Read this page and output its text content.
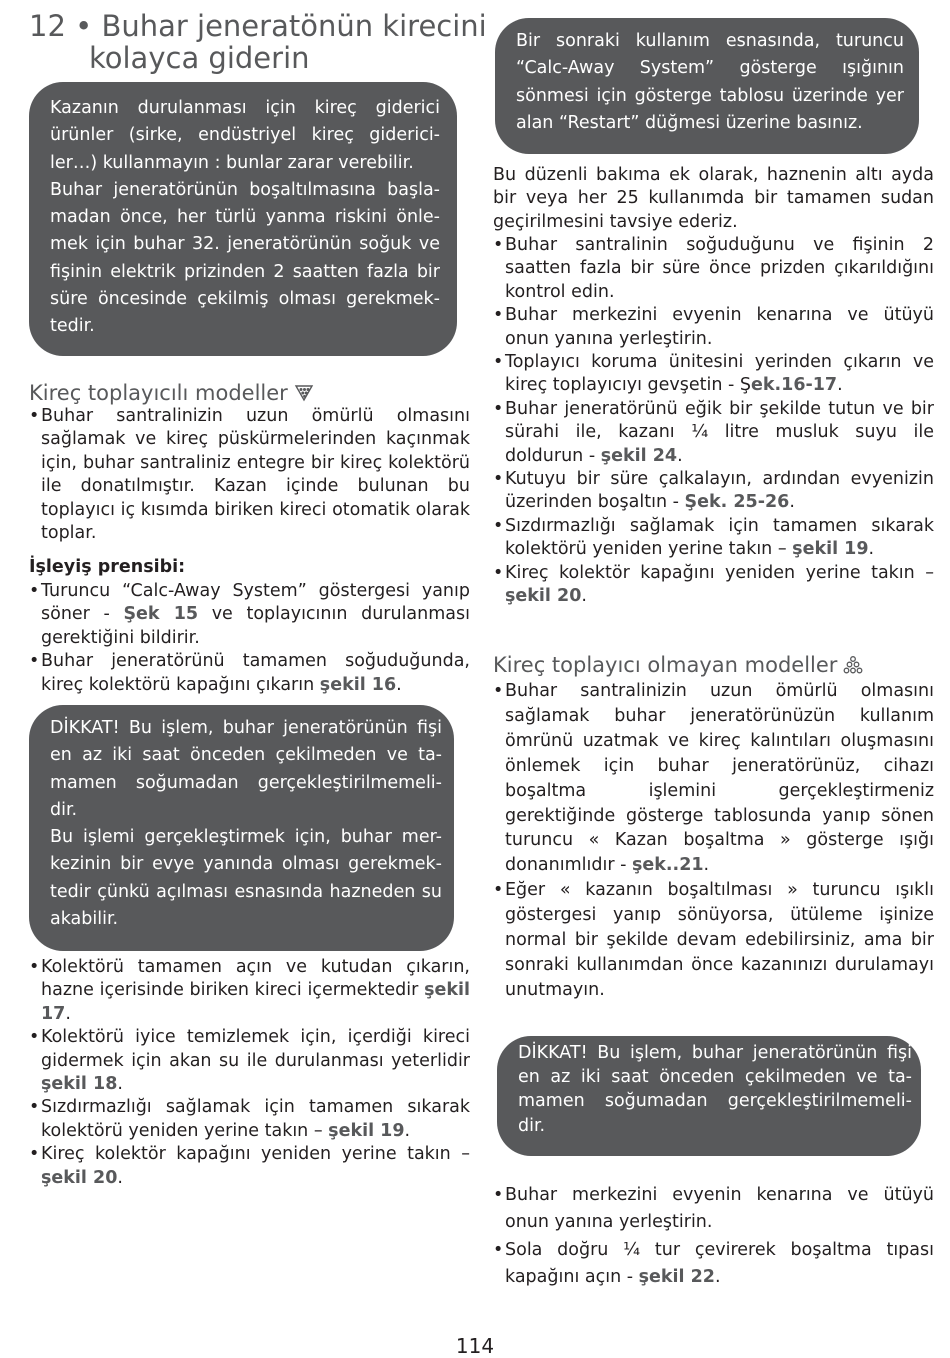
12 • Buhar jeneratönün kirecini
kolayca giderin

Kazanın durulanması için kireç giderici ürünler (sirke, endüstriyel kireç giderici- ler…) kullanmayın : bunlar zarar verebilir.

Buhar jeneratörünün boşaltılmasına başla- madan önce, her türlü yanma riskini önle- mek için buhar 32. jeneratörünün soğuk ve fişinin elektrik prizinden 2 saatten fazla bir süre öncesinde çekilmiş olması gerekmek- tedir.

Kireç toplayıcılı modeller
• Buhar santralinizin uzun ömürlü olmasını sağlamak ve kireç püskürmelerinden kaçınmak için, buhar santraliniz entegre bir kireç kolektörü ile donatılmıştır. Kazan içinde bulunan bu toplayıcı iç kısımda biriken kireci otomatik olarak toplar.
İşleyiş prensibi:
• Turuncu “Calc-Away System” göstergesi yanıp söner - Şek 15 ve toplayıcının durulanması gerektiğini bildirir.
• Buhar jeneratörünü tamamen soğuduğunda, kireç kolektörü kapağını çıkarın şekil 16.

DİKKAT! Bu işlem, buhar jeneratörünün fişi en az iki saat önceden çekilmeden ve ta- mamen soğumadan gerçekleştirilmemeli- dir.

Bu işlemi gerçekleştirmek için, buhar mer- kezinin bir evye yanında olması gerekmek- tedir çünkü açılması esnasında hazneden su akabilir.

• Kolektörü tamamen açın ve kutudan çıkarın, hazne içerisinde biriken kireci içermektedir şekil 17.
• Kolektörü iyice temizlemek için, içerdiği kireci gidermek için akan su ile durulanması yeterlidir şekil 18.
• Sızdırmazlığı sağlamak için tamamen sıkarak kolektörü yeniden yerine takın – şekil 19.
• Kireç kolektör kapağını yeniden yerine takın – şekil 20.

Bir sonraki kullanım esnasında, turuncu “Calc-Away System” gösterge ışığının sönmesi için gösterge tablosu üzerinde yer alan “Restart” düğmesi üzerine basınız.

Bu düzenli bakıma ek olarak, haznenin altı ayda bir veya her 25 kullanımda bir tamamen sudan geçirilmesini tavsiye ederiz.

• Buhar santralinin soğuduğunu ve fişinin 2 saatten fazla bir süre önce prizden çıkarıldığını kontrol edin.
• Buhar merkezini evyenin kenarına ve ütüyü onun yanına yerleştirin.
• Toplayıcı koruma ünitesini yerinden çıkarın ve kireç toplayıcıyı gevşetin - Şek.16-17.
• Buhar jeneratörünü eğik bir şekilde tutun ve bir sürahi ile, kazanı ¼ litre musluk suyu ile doldurun - şekil 24.
• Kutuyu bir süre çalkalayın, ardından evyenizin üzerinden boşaltın - Şek. 25-26.
• Sızdırmazlığı sağlamak için tamamen sıkarak kolektörü yeniden yerine takın – şekil 19.
• Kireç kolektör kapağını yeniden yerine takın – şekil 20.
Kireç toplayıcı olmayan modeller
• Buhar santralinizin uzun ömürlü olmasını sağlamak buhar jeneratörünüzün kullanım ömrünü uzatmak ve kireç kalıntıları oluşmasını önlemek için buhar jeneratörünüz, cihazı boşaltma işlemini gerçekleştirmeniz gerektiğinde gösterge tablosunda yanıp sönen turuncu « Kazan boşaltma » gösterge ışığı donanımlıdır - şek..21.
• Eğer « kazanın boşaltılması » turuncu ışıklı göstergesi yanıp sönüyorsa, ütüleme işinize normal bir şekilde devam edebilirsiniz, ama bir sonraki kullanımdan önce kazanınızı durulamayı unutmayın.

DİKKAT! Bu işlem, buhar jeneratörünün fişi en az iki saat önceden çekilmeden ve ta- mamen soğumadan gerçekleştirilmemeli- dir.

• Buhar merkezini evyenin kenarına ve ütüyü onun yanına yerleştirin.
• Sola doğru ¼ tur çevirerek boşaltma tıpası kapağını açın - şekil 22.
114
